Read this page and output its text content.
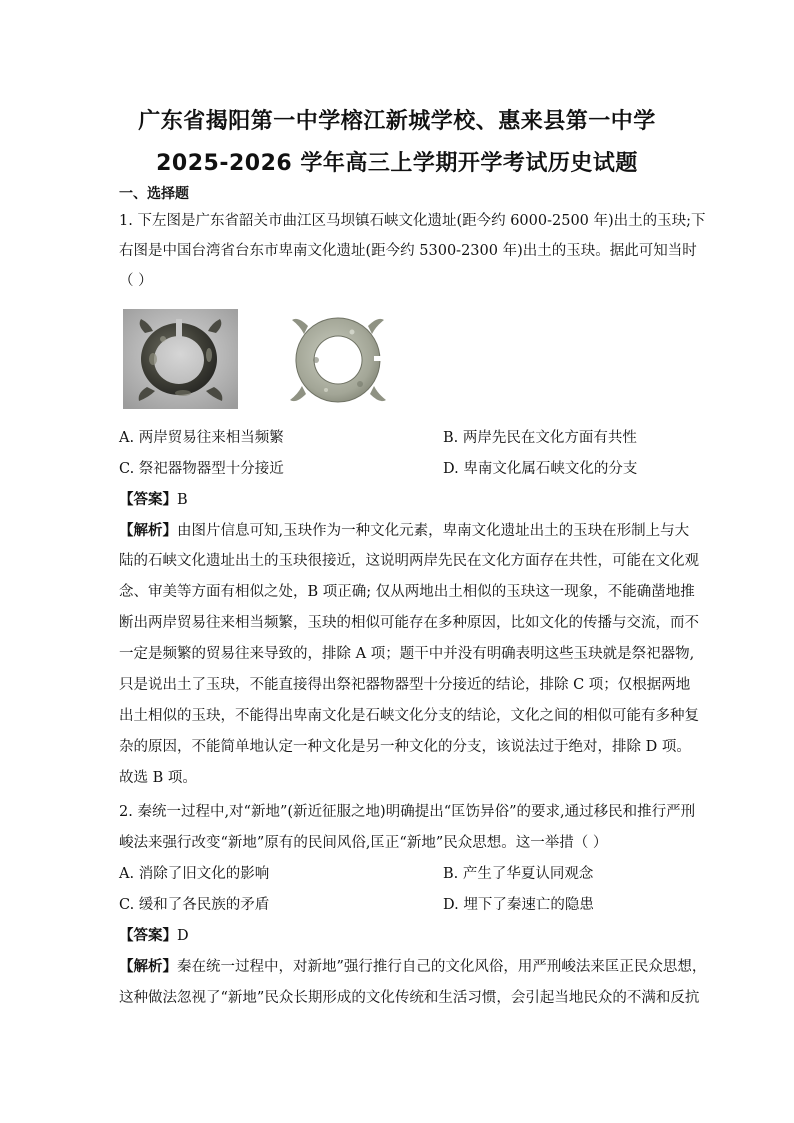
广东省揭阳第一中学榕江新城学校、惠来县第一中学
2025-2026 学年高三上学期开学考试历史试题
一、选择题
1. 下左图是广东省韶关市曲江区马坝镇石峡文化遗址(距今约 6000-2500 年)出土的玉玦;下
右图是中国台湾省台东市卑南文化遗址(距今约 5300-2300 年)出土的玉玦。据此可知当时
（ ）
A. 两岸贸易往来相当频繁	B. 两岸先民在文化方面有共性
C. 祭祀器物器型十分接近	D. 卑南文化属石峡文化的分支
【答案】B
【解析】由图片信息可知,玉玦作为一种文化元素，卑南文化遗址出土的玉玦在形制上与大
陆的石峡文化遗址出土的玉玦很接近，这说明两岸先民在文化方面存在共性，可能在文化观
念、审美等方面有相似之处，B 项正确; 仅从两地出土相似的玉玦这一现象，不能确凿地推
断出两岸贸易往来相当频繁，玉玦的相似可能存在多种原因，比如文化的传播与交流，而不
一定是频繁的贸易往来导致的，排除 A 项；题干中并没有明确表明这些玉玦就是祭祀器物,
只是说出土了玉玦，不能直接得出祭祀器物器型十分接近的结论，排除 C 项；仅根据两地
出土相似的玉玦，不能得出卑南文化是石峡文化分支的结论，文化之间的相似可能有多种复
杂的原因，不能简单地认定一种文化是另一种文化的分支，该说法过于绝对，排除 D 项。
故选 B 项。
2. 秦统一过程中,对“新地”(新近征服之地)明确提出“匡饬异俗”的要求,通过移民和推行严刑
峻法来强行改变“新地”原有的民间风俗,匡正“新地”民众思想。这一举措（ ）
A. 消除了旧文化的影响	B. 产生了华夏认同观念
C. 缓和了各民族的矛盾	D. 埋下了秦速亡的隐患
【答案】D
【解析】秦在统一过程中，对新地”强行推行自己的文化风俗，用严刑峻法来匡正民众思想，
这种做法忽视了“新地”民众长期形成的文化传统和生活习惯，会引起当地民众的不满和反抗
